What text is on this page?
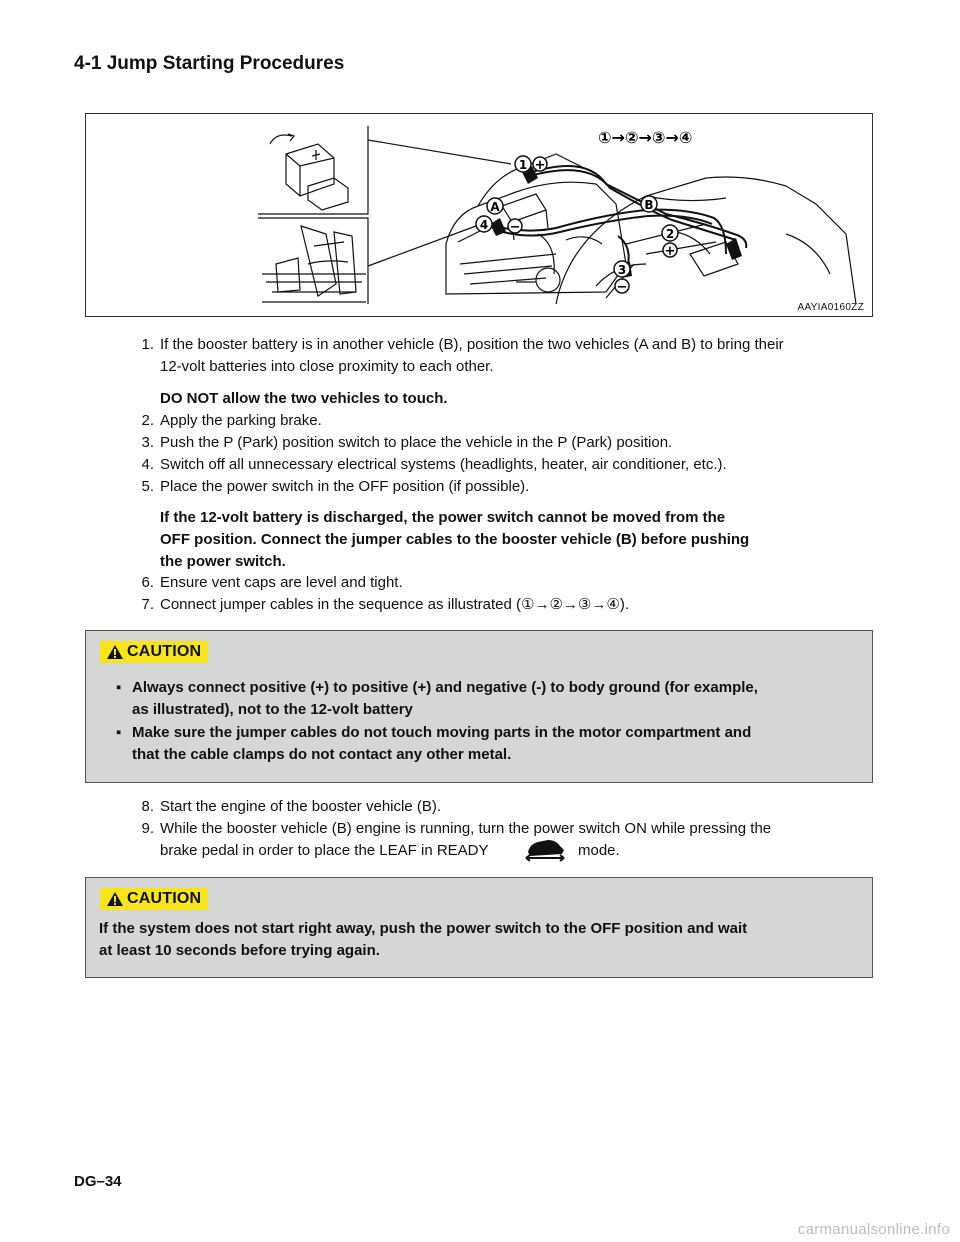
4-1 Jump Starting Procedures
①→②→③→④
1 +
A
4 −
B
2
+
3
−
AAYIA0160ZZ
1. If the booster battery is in another vehicle (B), position the two vehicles (A and B) to bring their
12-volt batteries into close proximity to each other.
DO NOT allow the two vehicles to touch.
2. Apply the parking brake.
3. Push the P (Park) position switch to place the vehicle in the P (Park) position.
4. Switch off all unnecessary electrical systems (headlights, heater, air conditioner, etc.).
5. Place the power switch in the OFF position (if possible).
If the 12-volt battery is discharged, the power switch cannot be moved from the
OFF position. Connect the jumper cables to the booster vehicle (B) before pushing
the power switch.
6. Ensure vent caps are level and tight.
7. Connect jumper cables in the sequence as illustrated (①→②→③→④).
CAUTION
▪ Always connect positive (+) to positive (+) and negative (-) to body ground (for example,
as illustrated), not to the 12-volt battery
▪ Make sure the jumper cables do not touch moving parts in the motor compartment and
that the cable clamps do not contact any other metal.
8. Start the engine of the booster vehicle (B).
9. While the booster vehicle (B) engine is running, turn the power switch ON while pressing the
brake pedal in order to place the LEAF in READY	mode.
CAUTION
If the system does not start right away, push the power switch to the OFF position and wait
at least 10 seconds before trying again.
DG–34
carmanualsonline.info
